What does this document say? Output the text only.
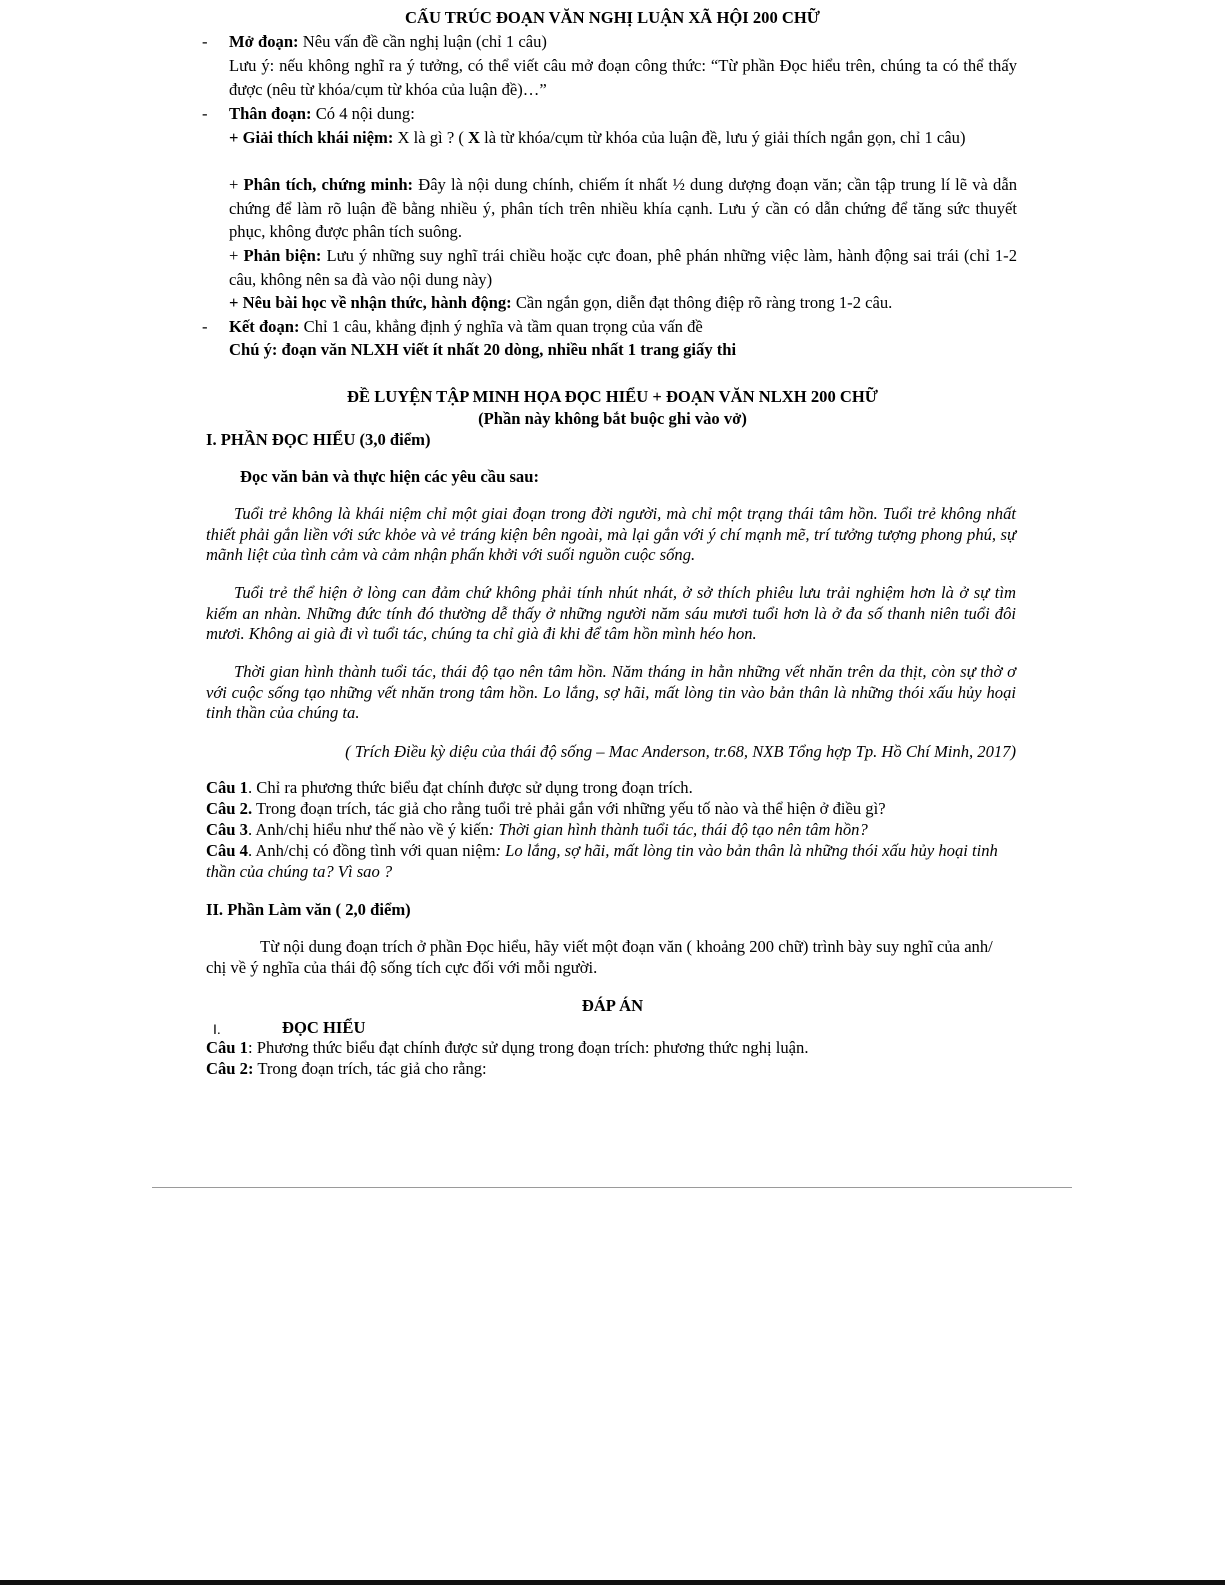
CẤU TRÚC ĐOẠN VĂN NGHỊ LUẬN XÃ HỘI 200 CHỮ
- Mở đoạn: Nêu vấn đề cần nghị luận (chỉ 1 câu)
Lưu ý: nếu không nghĩ ra ý tưởng, có thể viết câu mở đoạn công thức: “Từ phần Đọc hiểu trên, chúng ta có thể thấy được (nêu từ khóa/cụm từ khóa của luận đề)…”
- Thân đoạn: Có 4 nội dung:
+ Giải thích khái niệm: X là gì ? ( X là từ khóa/cụm từ khóa của luận đề, lưu ý giải thích ngắn gọn, chỉ 1 câu)
+ Phân tích, chứng minh: Đây là nội dung chính, chiếm ít nhất ½ dung dượng đoạn văn; cần tập trung lí lẽ và dẫn chứng để làm rõ luận đề bằng nhiều ý, phân tích trên nhiều khía cạnh. Lưu ý cần có dẫn chứng để tăng sức thuyết phục, không được phân tích suông.
+ Phản biện: Lưu ý những suy nghĩ trái chiều hoặc cực đoan, phê phán những việc làm, hành động sai trái (chỉ 1-2 câu, không nên sa đà vào nội dung này)
+ Nêu bài học về nhận thức, hành động: Cần ngắn gọn, diễn đạt thông điệp rõ ràng trong 1-2 câu.
- Kết đoạn: Chỉ 1 câu, khẳng định ý nghĩa và tầm quan trọng của vấn đề
Chú ý: đoạn văn NLXH viết ít nhất 20 dòng, nhiều nhất 1 trang giấy thi
ĐỀ LUYỆN TẬP MINH HỌA ĐỌC HIỂU + ĐOẠN VĂN NLXH 200 CHỮ
(Phần này không bắt buộc ghi vào vở)
I. PHẦN ĐỌC HIỂU (3,0 điểm)
Đọc văn bản và thực hiện các yêu cầu sau:
Tuổi trẻ không là khái niệm chỉ một giai đoạn trong đời người, mà chỉ một trạng thái tâm hồn. Tuổi trẻ không nhất thiết phải gắn liền với sức khỏe và vẻ tráng kiện bên ngoài, mà lại gắn với ý chí mạnh mẽ, trí tưởng tượng phong phú, sự mãnh liệt của tình cảm và cảm nhận phấn khởi với suối nguồn cuộc sống.
Tuổi trẻ thể hiện ở lòng can đảm chứ không phải tính nhút nhát, ở sở thích phiêu lưu trải nghiệm hơn là ở sự tìm kiếm an nhàn. Những đức tính đó thường dễ thấy ở những người năm sáu mươi tuổi hơn là ở đa số thanh niên tuổi đôi mươi. Không ai già đi vì tuổi tác, chúng ta chỉ già đi khi để tâm hồn mình héo hon.
Thời gian hình thành tuổi tác, thái độ tạo nên tâm hồn. Năm tháng in hằn những vết nhăn trên da thịt, còn sự thờ ơ với cuộc sống tạo những vết nhăn trong tâm hồn. Lo lắng, sợ hãi, mất lòng tin vào bản thân là những thói xấu hủy hoại tinh thần của chúng ta.
( Trích Điều kỳ diệu của thái độ sống – Mac Anderson, tr.68, NXB Tổng hợp Tp. Hồ Chí Minh, 2017)
Câu 1. Chỉ ra phương thức biểu đạt chính được sử dụng trong đoạn trích.
Câu 2. Trong đoạn trích, tác giả cho rằng tuổi trẻ phải gắn với những yếu tố nào và thể hiện ở điều gì?
Câu 3. Anh/chị hiểu như thế nào về ý kiến: Thời gian hình thành tuổi tác, thái độ tạo nên tâm hồn?
Câu 4. Anh/chị có đồng tình với quan niệm: Lo lắng, sợ hãi, mất lòng tin vào bản thân là những thói xấu hủy hoại tinh thần của chúng ta? Vì sao ?
II. Phần Làm văn ( 2,0 điểm)
Từ nội dung đoạn trích ở phần Đọc hiểu, hãy viết một đoạn văn ( khoảng 200 chữ) trình bày suy nghĩ của anh/ chị về ý nghĩa của thái độ sống tích cực đối với mỗi người.
ĐÁP ÁN
I.	ĐỌC HIỂU
Câu 1: Phương thức biểu đạt chính được sử dụng trong đoạn trích: phương thức nghị luận.
Câu 2: Trong đoạn trích, tác giả cho rằng:
